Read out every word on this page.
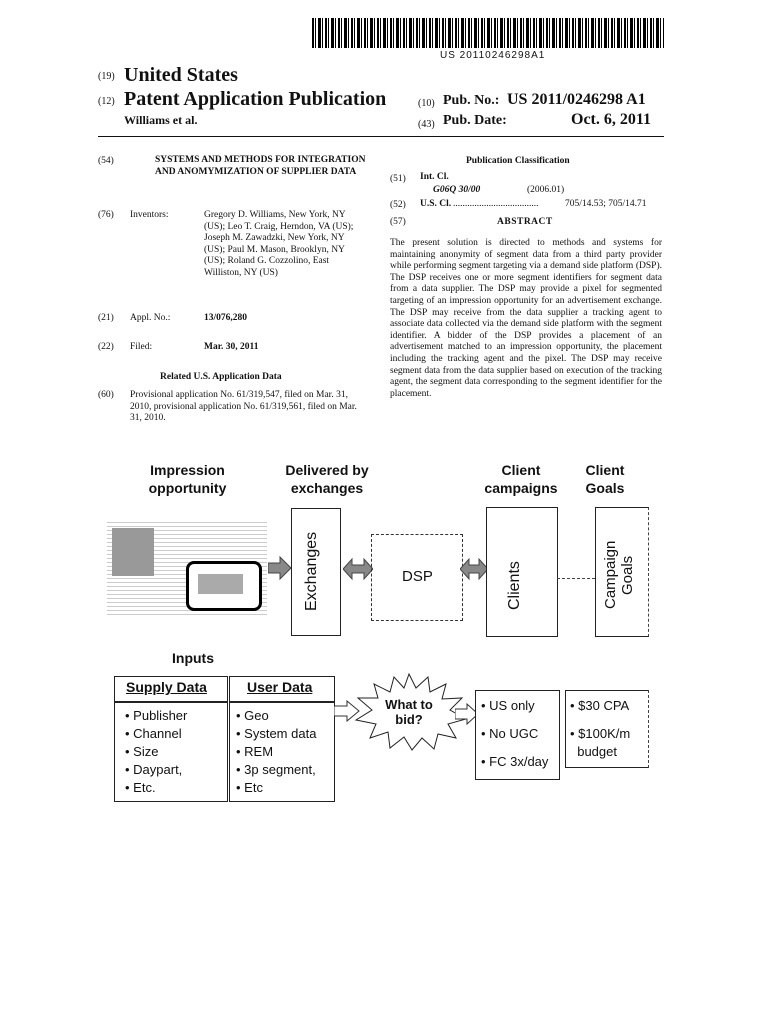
US 20110246298A1
(19) United States
(12) Patent Application Publication
Williams et al.
(10) Pub. No.: US 2011/0246298 A1
(43) Pub. Date:	Oct. 6, 2011
(54)	SYSTEMS AND METHODS FOR INTEGRATION AND ANOMYMIZATION OF SUPPLIER DATA
(76) Inventors:	Gregory D. Williams, New York, NY (US); Leo T. Craig, Herndon, VA (US); Joseph M. Zawadzki, New York, NY (US); Paul M. Mason, Brooklyn, NY (US); Roland G. Cozzolino, East Williston, NY (US)
(21) Appl. No.:	13/076,280
(22) Filed:	Mar. 30, 2011
Related U.S. Application Data
(60) Provisional application No. 61/319,547, filed on Mar. 31, 2010, provisional application No. 61/319,561, filed on Mar. 31, 2010.
Publication Classification
(51) Int. Cl.
G06Q 30/00	(2006.01)
(52) U.S. Cl. ....................................	705/14.53; 705/14.71
(57)	ABSTRACT
The present solution is directed to methods and systems for maintaining anonymity of segment data from a third party provider while performing segment targeting via a demand side platform (DSP). The DSP receives one or more segment identifiers for segment data from a data supplier. The DSP may provide a pixel for segmented targeting of an impression opportunity for an advertisement exchange. The DSP may receive from the data supplier a tracking agent to associate data collected via the demand side platform with the segment identifier. A bidder of the DSP provides a placement of an advertisement matched to an impression opportunity, the placement including the tracking agent and the pixel. The DSP may receive segment data from the data supplier based on execution of the tracking agent, the segment data corresponding to the segment identifier for the placement.
Impression
opportunity
Delivered by
exchanges
Client
campaigns
Client
Goals
Exchanges	DSP	Clients	Campaign
Goals
Inputs
Supply Data
• Publisher
• Channel
• Size
• Daypart,
• Etc.
User Data
• Geo
• System data
• REM
• 3p segment,
• Etc
What to
bid?
• US only
• No UGC
• FC 3x/day
• $30 CPA
• $100K/m
budget
